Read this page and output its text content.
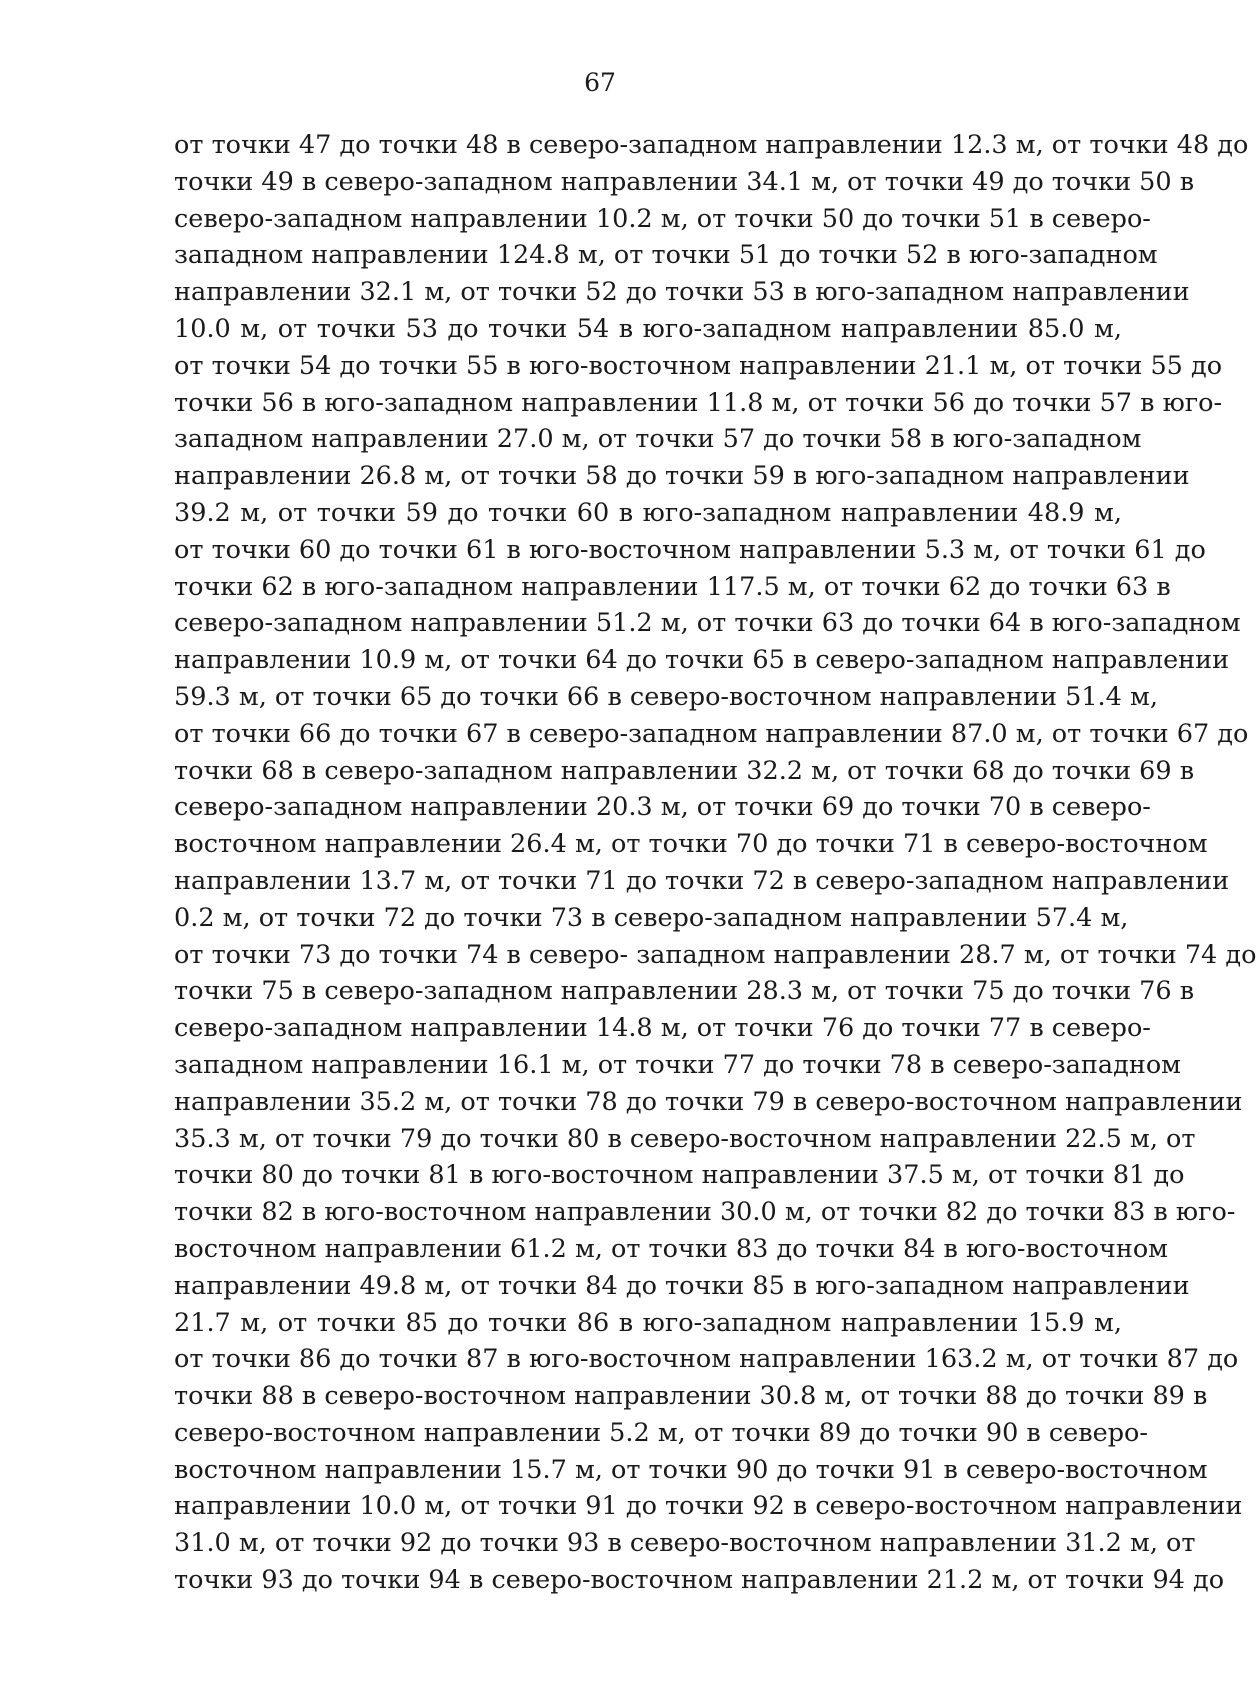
67
от точки 47 до точки 48 в северо-западном направлении 12.3 м, от точки 48 до
точки 49 в северо-западном направлении 34.1 м, от точки 49 до точки 50 в
северо-западном направлении 10.2 м, от точки 50 до точки 51 в северо-
западном направлении 124.8 м, от точки 51 до точки 52 в юго-западном
направлении 32.1 м, от точки 52 до точки 53 в юго-западном направлении
10.0 м, от точки 53 до точки 54 в юго-западном направлении 85.0 м,
от точки 54 до точки 55 в юго-восточном направлении 21.1 м, от точки 55 до
точки 56 в юго-западном направлении 11.8 м, от точки 56 до точки 57 в юго-
западном направлении 27.0 м, от точки 57 до точки 58 в юго-западном
направлении 26.8 м, от точки 58 до точки 59 в юго-западном направлении
39.2 м, от точки 59 до точки 60 в юго-западном направлении 48.9 м,
от точки 60 до точки 61 в юго-восточном направлении 5.3 м, от точки 61 до
точки 62 в юго-западном направлении 117.5 м, от точки 62 до точки 63 в
северо-западном направлении 51.2 м, от точки 63 до точки 64 в юго-западном
направлении 10.9 м, от точки 64 до точки 65 в северо-западном направлении
59.3 м, от точки 65 до точки 66 в северо-восточном направлении 51.4 м,
от точки 66 до точки 67 в северо-западном направлении 87.0 м, от точки 67 до
точки 68 в северо-западном направлении 32.2 м, от точки 68 до точки 69 в
северо-западном направлении 20.3 м, от точки 69 до точки 70 в северо-
восточном направлении 26.4 м, от точки 70 до точки 71 в северо-восточном
направлении 13.7 м, от точки 71 до точки 72 в северо-западном направлении
0.2 м, от точки 72 до точки 73 в северо-западном направлении 57.4 м,
от точки 73 до точки 74 в северо- западном направлении 28.7 м, от точки 74 до
точки 75 в северо-западном направлении 28.3 м, от точки 75 до точки 76 в
северо-западном направлении 14.8 м, от точки 76 до точки 77 в северо-
западном направлении 16.1 м, от точки 77 до точки 78 в северо-западном
направлении 35.2 м, от точки 78 до точки 79 в северо-восточном направлении
35.3 м, от точки 79 до точки 80 в северо-восточном направлении 22.5 м, от
точки 80 до точки 81 в юго-восточном направлении 37.5 м, от точки 81 до
точки 82 в юго-восточном направлении 30.0 м, от точки 82 до точки 83 в юго-
восточном направлении 61.2 м, от точки 83 до точки 84 в юго-восточном
направлении 49.8 м, от точки 84 до точки 85 в юго-западном направлении
21.7 м, от точки 85 до точки 86 в юго-западном направлении 15.9 м,
от точки 86 до точки 87 в юго-восточном направлении 163.2 м, от точки 87 до
точки 88 в северо-восточном направлении 30.8 м, от точки 88 до точки 89 в
северо-восточном направлении 5.2 м, от точки 89 до точки 90 в северо-
восточном направлении 15.7 м, от точки 90 до точки 91 в северо-восточном
направлении 10.0 м, от точки 91 до точки 92 в северо-восточном направлении
31.0 м, от точки 92 до точки 93 в северо-восточном направлении 31.2 м, от
точки 93 до точки 94 в северо-восточном направлении 21.2 м, от точки 94 до
